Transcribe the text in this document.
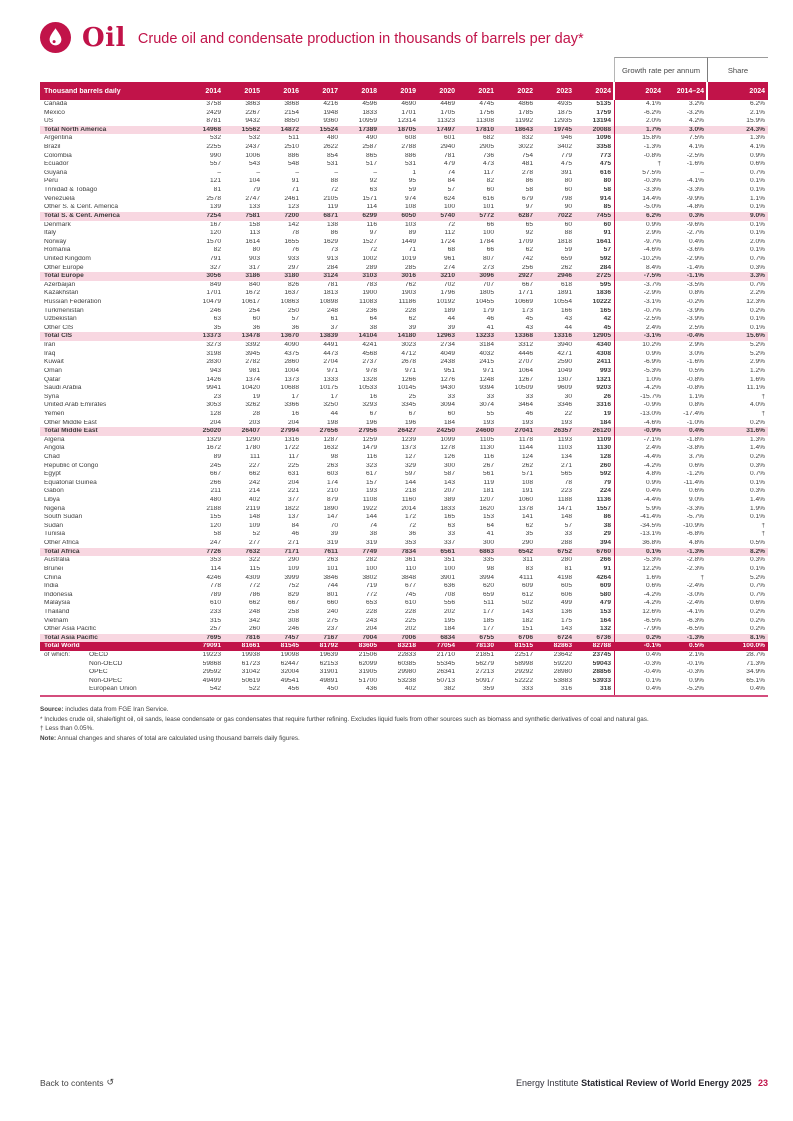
Oil Crude oil and condensate production in thousands of barrels per day*
Growth rate per annum	Share
Thousand barrels daily	2014	2015	2016	2017	2018	2019	2020	2021	2022	2023	2024	2024	2014–24	2024
Canada	3758	3863	3868	4216	4596	4690	4469	4745	4866	4935	5135	4.1%	3.2%	6.2%
Mexico	2429	2267	2154	1948	1833	1701	1705	1756	1785	1875	1759	-6.2%	-3.2%	2.1%
US	8781	9432	8850	9360	10959	12314	11323	11308	11992	12935	13194	2.0%	4.2%	15.9%
Total North America	14968	15562	14872	15524	17389	18705	17497	17810	18643	19745	20088	1.7%	3.0%	24.3%
Argentina	532	532	511	480	490	608	601	682	832	946	1096	15.8%	7.5%	1.3%
Brazil	2255	2437	2510	2622	2587	2788	2940	2905	3022	3402	3358	-1.3%	4.1%	4.1%
Colombia	990	1006	886	854	865	886	781	736	754	779	773	-0.8%	-2.5%	0.9%
Ecuador	557	543	548	531	517	531	479	473	481	475	475	†	-1.6%	0.6%
Guyana	–	–	–	–	–	1	74	117	278	391	616	57.5%	–	0.7%
Peru	121	104	91	88	92	95	84	82	86	80	80	-0.3%	-4.1%	0.1%
Trinidad & Tobago	81	79	71	72	63	59	57	60	58	60	58	-3.3%	-3.3%	0.1%
Venezuela	2578	2747	2461	2105	1571	974	624	616	679	798	914	14.4%	-9.9%	1.1%
Other S. & Cent. America	139	133	123	119	114	108	100	101	97	90	85	-5.0%	-4.8%	0.1%
Total S. & Cent. America	7254	7581	7200	6871	6299	6050	5740	5772	6287	7022	7455	6.2%	0.3%	9.0%
Denmark	167	158	142	138	116	103	72	66	65	60	60	0.9%	-9.6%	0.1%
Italy	120	113	78	86	97	89	112	100	92	88	91	2.9%	-2.7%	0.1%
Norway	1570	1614	1655	1629	1527	1449	1724	1784	1709	1818	1641	-9.7%	0.4%	2.0%
Romania	82	80	76	73	72	71	68	66	62	59	57	-4.6%	-3.6%	0.1%
United Kingdom	791	903	933	913	1002	1019	961	807	742	659	592	-10.2%	-2.9%	0.7%
Other Europe	327	317	297	284	289	285	274	273	256	262	284	8.4%	-1.4%	0.3%
Total Europe	3056	3186	3180	3124	3103	3016	3210	3096	2927	2946	2725	-7.5%	-1.1%	3.3%
Azerbaijan	849	840	826	781	783	762	702	707	667	618	595	-3.7%	-3.5%	0.7%
Kazakhstan	1701	1672	1637	1813	1900	1903	1796	1805	1771	1891	1836	-2.9%	0.8%	2.2%
Russian Federation	10479	10617	10863	10898	11083	11186	10192	10455	10669	10554	10222	-3.1%	-0.2%	12.3%
Turkmenistan	246	254	250	248	236	228	189	179	173	166	165	-0.7%	-3.9%	0.2%
Uzbekistan	63	60	57	61	64	62	44	46	45	43	42	-2.5%	-3.9%	0.1%
Other CIS	35	36	36	37	38	39	39	41	43	44	45	2.4%	2.5%	0.1%
Total CIS	13373	13478	13670	13839	14104	14180	12963	13233	13368	13316	12905	-3.1%	-0.4%	15.6%
Iran	3273	3392	4090	4491	4241	3023	2734	3184	3312	3940	4340	10.2%	2.9%	5.2%
Iraq	3198	3945	4375	4473	4568	4712	4049	4032	4446	4271	4308	0.9%	3.0%	5.2%
Kuwait	2830	2782	2860	2704	2737	2678	2438	2415	2707	2590	2411	-6.9%	-1.6%	2.9%
Oman	943	981	1004	971	978	971	951	971	1064	1049	993	-5.3%	0.5%	1.2%
Qatar	1426	1374	1373	1333	1328	1266	1276	1248	1267	1307	1321	1.0%	-0.8%	1.6%
Saudi Arabia	9941	10420	10688	10175	10533	10145	9430	9394	10509	9609	9203	-4.2%	-0.8%	11.1%
Syria	23	19	17	17	16	25	33	33	33	30	26	-15.7%	1.1%	†
United Arab Emirates	3053	3262	3366	3250	3293	3345	3094	3074	3464	3346	3316	-0.9%	0.8%	4.0%
Yemen	128	28	16	44	67	67	60	55	46	22	19	-13.0%	-17.4%	†
Other Middle East	204	203	204	198	196	196	184	193	193	193	184	-4.6%	-1.0%	0.2%
Total Middle East	25020	26407	27994	27656	27956	26427	24250	24600	27041	26357	26120	-0.9%	0.4%	31.6%
Algeria	1329	1290	1316	1287	1259	1239	1099	1105	1178	1193	1109	-7.1%	-1.8%	1.3%
Angola	1672	1780	1722	1632	1479	1373	1278	1130	1144	1103	1130	2.4%	-3.8%	1.4%
Chad	89	111	117	98	116	127	126	116	124	134	128	-4.4%	3.7%	0.2%
Republic of Congo	245	227	225	263	323	329	300	267	262	271	260	-4.2%	0.6%	0.3%
Egypt	667	662	631	603	617	597	587	561	571	565	592	4.8%	-1.2%	0.7%
Equatorial Guinea	266	242	204	174	157	144	143	119	108	78	79	0.9%	-11.4%	0.1%
Gabon	211	214	221	210	193	218	207	181	191	223	224	0.4%	0.6%	0.3%
Libya	480	402	377	879	1108	1160	389	1207	1060	1188	1136	-4.4%	9.0%	1.4%
Nigeria	2188	2119	1822	1890	1922	2014	1833	1620	1378	1471	1557	5.9%	-3.3%	1.9%
South Sudan	155	148	137	147	144	172	165	153	141	148	86	-41.4%	-5.7%	0.1%
Sudan	120	109	84	70	74	72	63	64	62	57	38	-34.5%	-10.9%	†
Tunisia	58	52	46	39	38	36	33	41	35	33	29	-13.1%	-6.8%	†
Other Africa	247	277	271	319	319	353	337	300	290	288	394	36.8%	4.8%	0.5%
Total Africa	7726	7632	7171	7611	7749	7834	6561	6863	6542	6752	6760	0.1%	-1.3%	8.2%
Australia	353	322	290	263	282	361	351	335	311	280	266	-5.3%	-2.8%	0.3%
Brunei	114	115	109	101	100	110	100	98	83	81	91	12.2%	-2.3%	0.1%
China	4246	4309	3999	3846	3802	3848	3901	3994	4111	4198	4264	1.6%	†	5.2%
India	778	772	752	744	719	677	636	620	609	605	609	0.6%	-2.4%	0.7%
Indonesia	789	786	829	801	772	745	708	659	612	606	580	-4.2%	-3.0%	0.7%
Malaysia	610	662	667	660	653	610	556	511	502	499	479	-4.2%	-2.4%	0.6%
Thailand	233	248	258	240	228	228	202	177	143	136	153	12.6%	-4.1%	0.2%
Vietnam	315	342	308	275	243	225	195	185	182	175	164	-6.5%	-6.3%	0.2%
Other Asia Pacific	257	260	246	237	204	202	184	177	151	143	132	-7.9%	-6.5%	0.2%
Total Asia Pacific	7695	7816	7457	7167	7004	7006	6834	6755	6706	6724	6736	0.2%	-1.3%	8.1%
Total World	79091	81661	81545	81792	83605	83218	77054	78130	81515	82863	82788	-0.1%	0.5%	100.0%
of which:	OECD	19223	19938	19098	19639	21506	22833	21710	21851	22517	23642	23745	0.4%	2.1%	28.7%
Non-OECD	59868	61723	62447	62153	62099	60385	55345	56279	58998	59220	59043	-0.3%	-0.1%	71.3%
OPEC	29592	31042	32004	31901	31905	29980	26341	27213	29292	28980	28856	-0.4%	-0.3%	34.9%
Non-OPEC	49499	50619	49541	49891	51700	53238	50713	50917	52222	53883	53933	0.1%	0.9%	65.1%
European Union	542	522	456	450	436	402	382	359	333	316	318	0.4%	-5.2%	0.4%
Source: includes data from FGE Iran Service.
* Includes crude oil, shale/tight oil, oil sands, lease condensate or gas condensates that require further refining. Excludes liquid fuels from other sources such as biomass and synthetic derivatives of coal and natural gas.
† Less than 0.05%.
Note: Annual changes and shares of total are calculated using thousand barrels daily figures.
Back to contents ↺	Energy Institute Statistical Review of World Energy 2025 23
